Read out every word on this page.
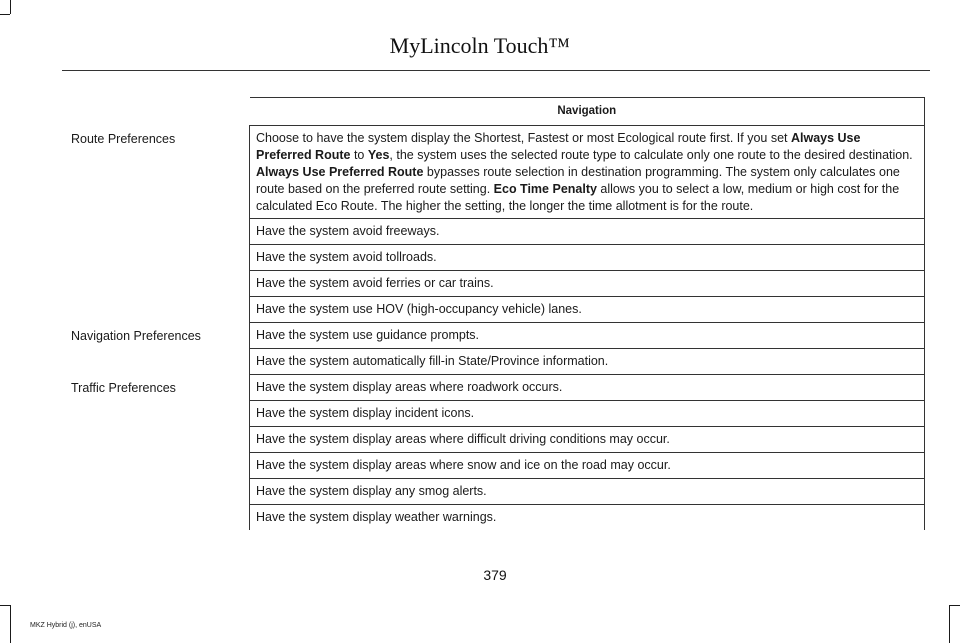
MyLincoln Touch™
	Navigation
Route Preferences	Choose to have the system display the Shortest, Fastest or most Ecological route first. If you set Always Use Preferred Route to Yes, the system uses the selected route type to calculate only one route to the desired destination. Always Use Preferred Route bypasses route selection in destination programming. The system only calculates one route based on the preferred route setting. Eco Time Penalty allows you to select a low, medium or high cost for the calculated Eco Route. The higher the setting, the longer the time allotment is for the route.
	Have the system avoid freeways.
	Have the system avoid tollroads.
	Have the system avoid ferries or car trains.
	Have the system use HOV (high-occupancy vehicle) lanes.
Navigation Preferences	Have the system use guidance prompts.
	Have the system automatically fill-in State/Province information.
Traffic Preferences	Have the system display areas where roadwork occurs.
	Have the system display incident icons.
	Have the system display areas where difficult driving conditions may occur.
	Have the system display areas where snow and ice on the road may occur.
	Have the system display any smog alerts.
	Have the system display weather warnings.
379
MKZ Hybrid (j), enUSA
